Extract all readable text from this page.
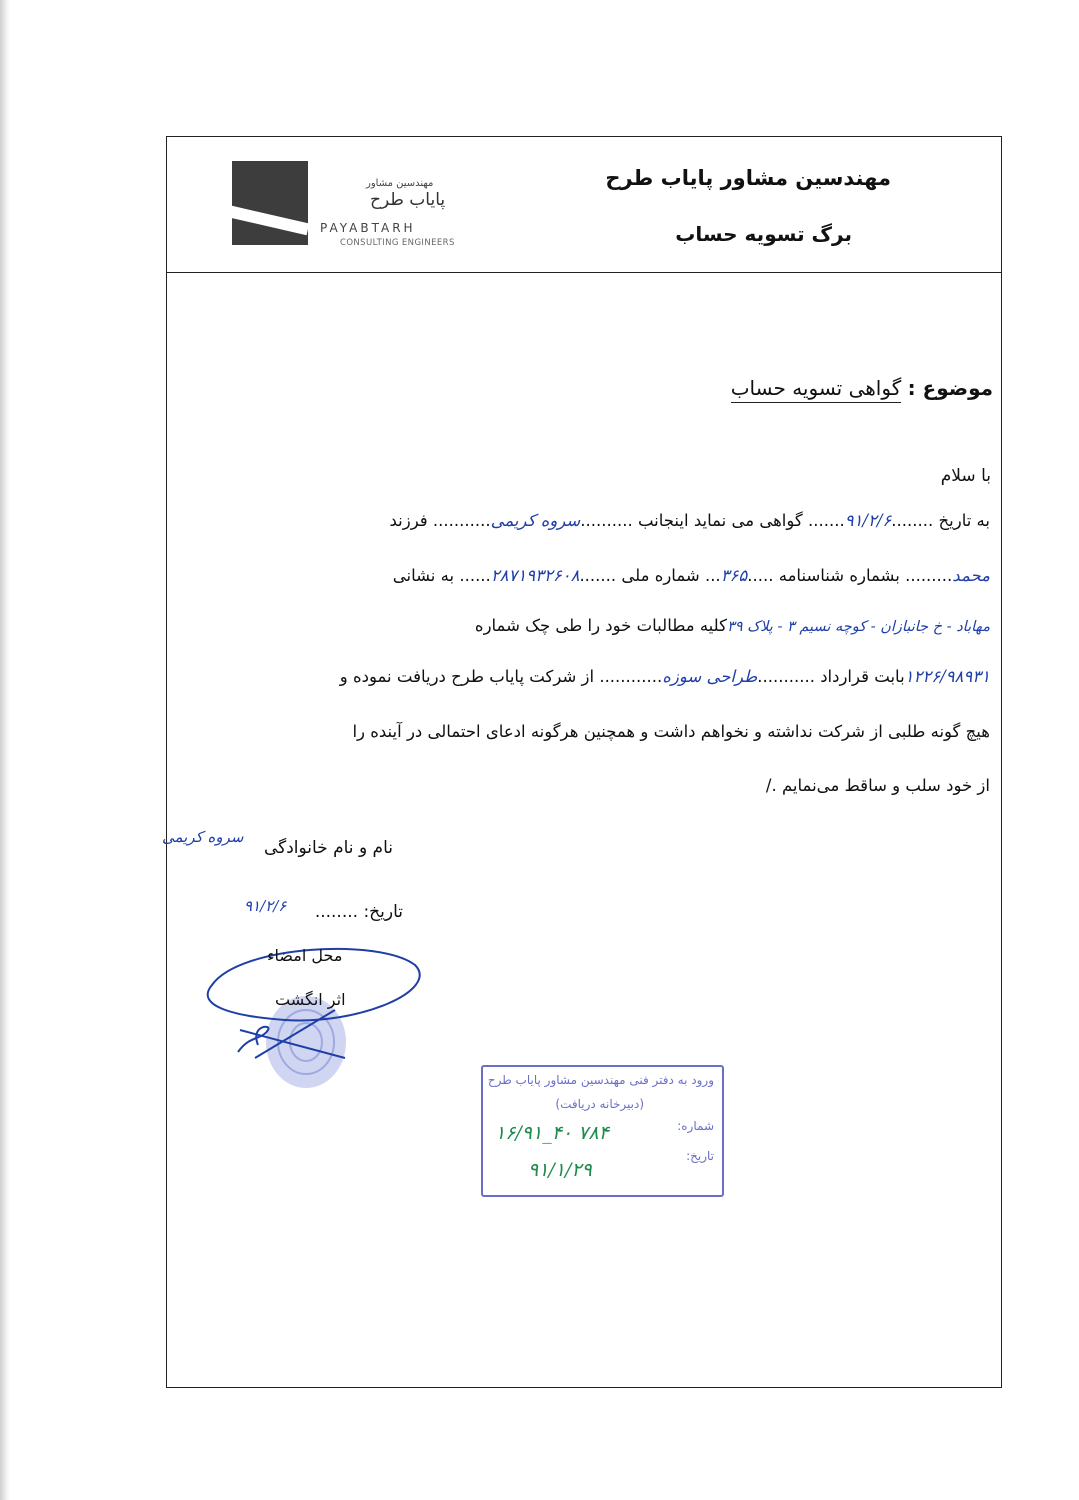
مهندسین مشاور پایاب طرح
برگ تسویه حساب
مهندسین مشاور
پایاب طرح
PAYABTARH
CONSULTING ENGINEERS
موضوع : گواهی تسویه حساب
با سلام
به تاریخ ........۹۱/۲/۶....... گواهی می نماید اینجانب ..........سروه کریمی........... فرزند
محمد......... بشماره شناسنامه .....۳۶۵... شماره ملی .......۲۸۷۱۹۳۲۶۰۸...... به نشانی
مهاباد - خ جانبازان - کوچه نسیم ۳ - پلاک ۳۹کلیه مطالبات خود را طی چک شماره
۱۲۲۶/۹۸۹۳۱بابت قرارداد ...........طراحی سوزه............ از شرکت پایاب طرح دریافت نموده و
هیچ گونه طلبی از شرکت نداشته و نخواهم داشت و همچنین هرگونه ادعای احتمالی در آینده را
از خود سلب و ساقط می‌نمایم ./
نام و نام خانوادگی
سروه کریمی
تاریخ: ........
۹۱/۲/۶
محل امضاء
اثر انگشت
ورود به دفتر فنی مهندسین مشاور پایاب طرح
(دبیرخانه دریافت)
شماره:
تاریخ:
۱۶/۹۱_۴۰ ۷۸۴
۹۱/۱/۲۹
